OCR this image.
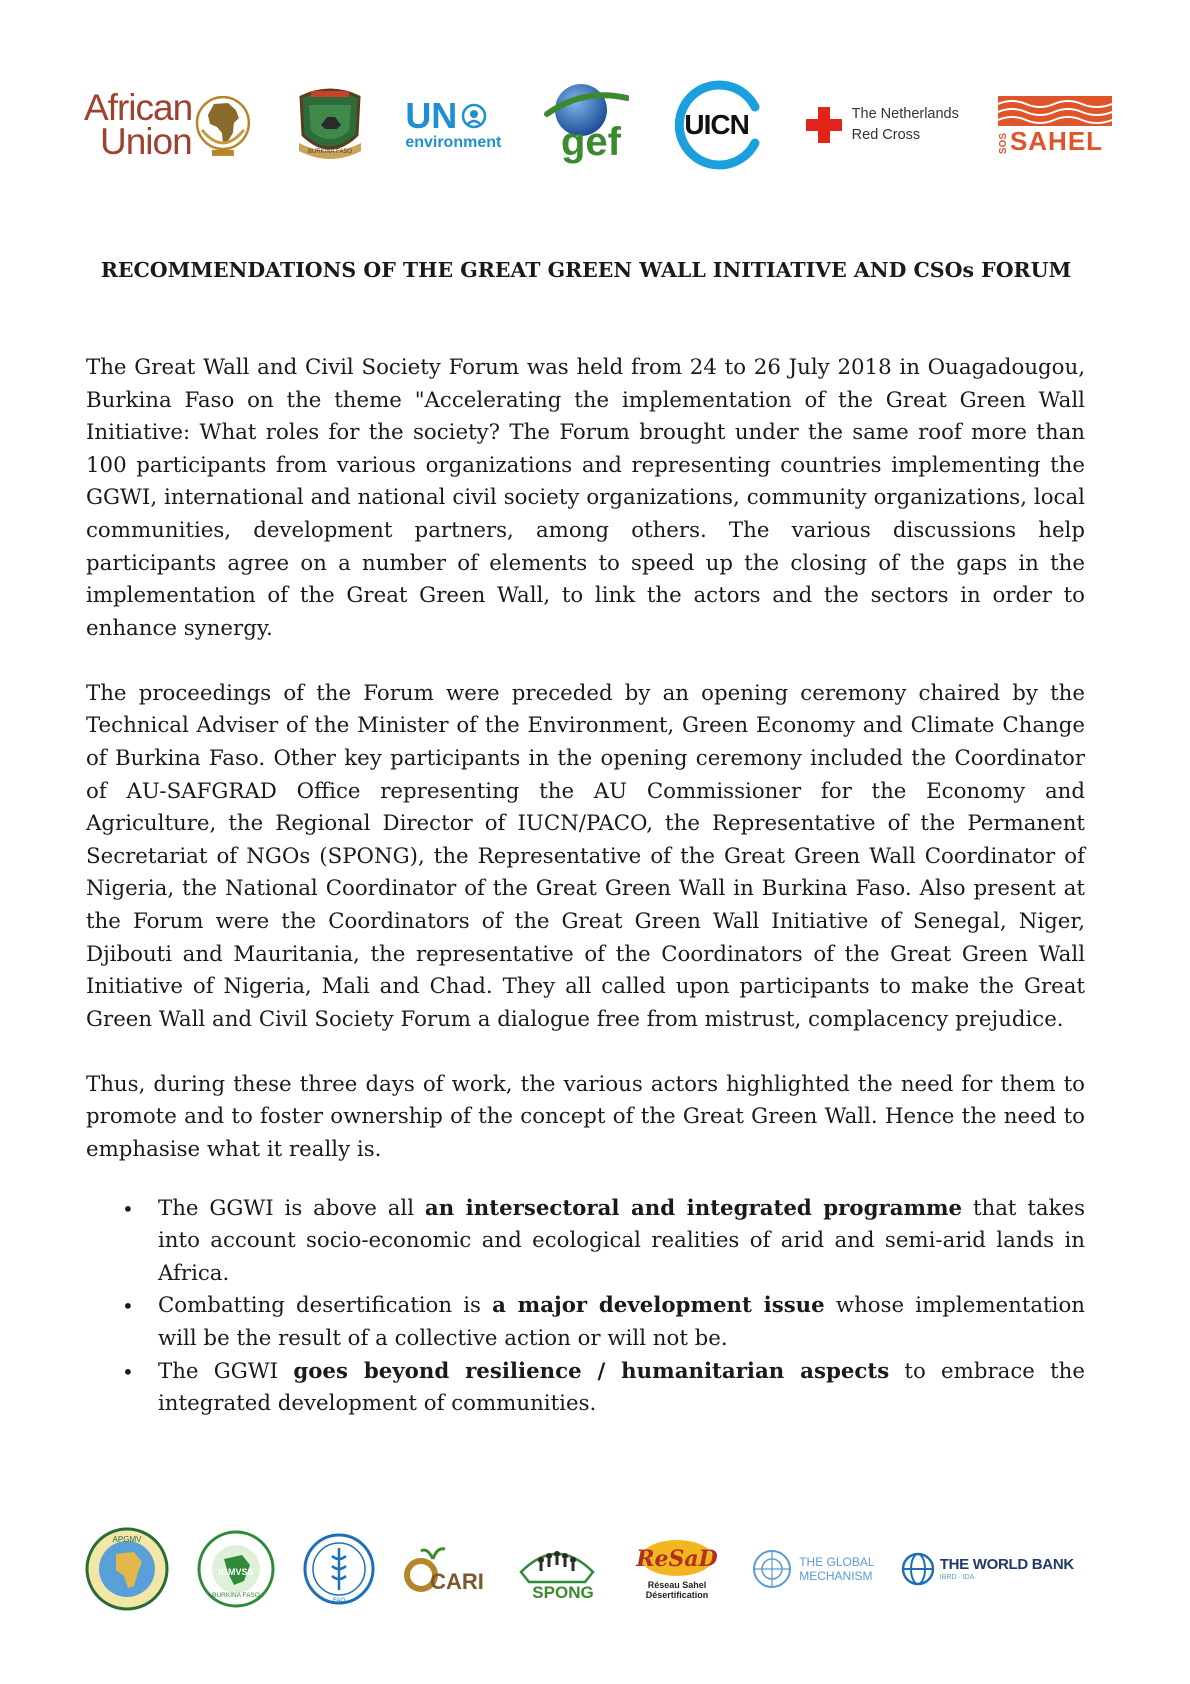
African
Union	BURKINA FASO
UN
environment gef UICN	The Netherlands
Red Cross	SOS SAHEL
RECOMMENDATIONS OF THE GREAT GREEN WALL INITIATIVE AND CSOs FORUM

The Great Wall and Civil Society Forum was held from 24 to 26 July 2018 in Ouagadougou, Burkina Faso on the theme "Accelerating the implementation of the Great Green Wall Initiative: What roles for the society? The Forum brought under the same roof more than 100 participants from various organizations and representing countries implementing the GGWI, international and national civil society organizations, community organizations, local communities, development partners, among others. The various discussions help participants agree on a number of elements to speed up the closing of the gaps in the implementation of the Great Green Wall, to link the actors and the sectors in order to enhance synergy.

The proceedings of the Forum were preceded by an opening ceremony chaired by the Technical Adviser of the Minister of the Environment, Green Economy and Climate Change of Burkina Faso. Other key participants in the opening ceremony included the Coordinator of AU-SAFGRAD Office representing the AU Commissioner for the Economy and Agriculture, the Regional Director of IUCN/PACO, the Representative of the Permanent Secretariat of NGOs (SPONG), the Representative of the Great Green Wall Coordinator of Nigeria, the National Coordinator of the Great Green Wall in Burkina Faso. Also present at the Forum were the Coordinators of the Great Green Wall Initiative of Senegal, Niger, Djibouti and Mauritania, the representative of the Coordinators of the Great Green Wall Initiative of Nigeria, Mali and Chad. They all called upon participants to make the Great Green Wall and Civil Society Forum a dialogue free from mistrust, complacency prejudice.

Thus, during these three days of work, the various actors highlighted the need for them to promote and to foster ownership of the concept of the Great Green Wall. Hence the need to emphasise what it really is.

• The GGWI is above all an intersectoral and integrated programme that takes into account socio-economic and ecological realities of arid and semi-arid lands in Africa.
• Combatting desertification is a major development issue whose implementation will be the result of a collective action or will not be.
• The GGWI goes beyond resilience / humanitarian aspects to embrace the integrated development of communities.
APGMV
IGMVSS
BURKINA FASO
FAO
CARI	SPONG
ReSaD
Réseau Sahel
Désertification
THE GLOBAL
MECHANISM
THE WORLD BANK
IBRD · IDA
